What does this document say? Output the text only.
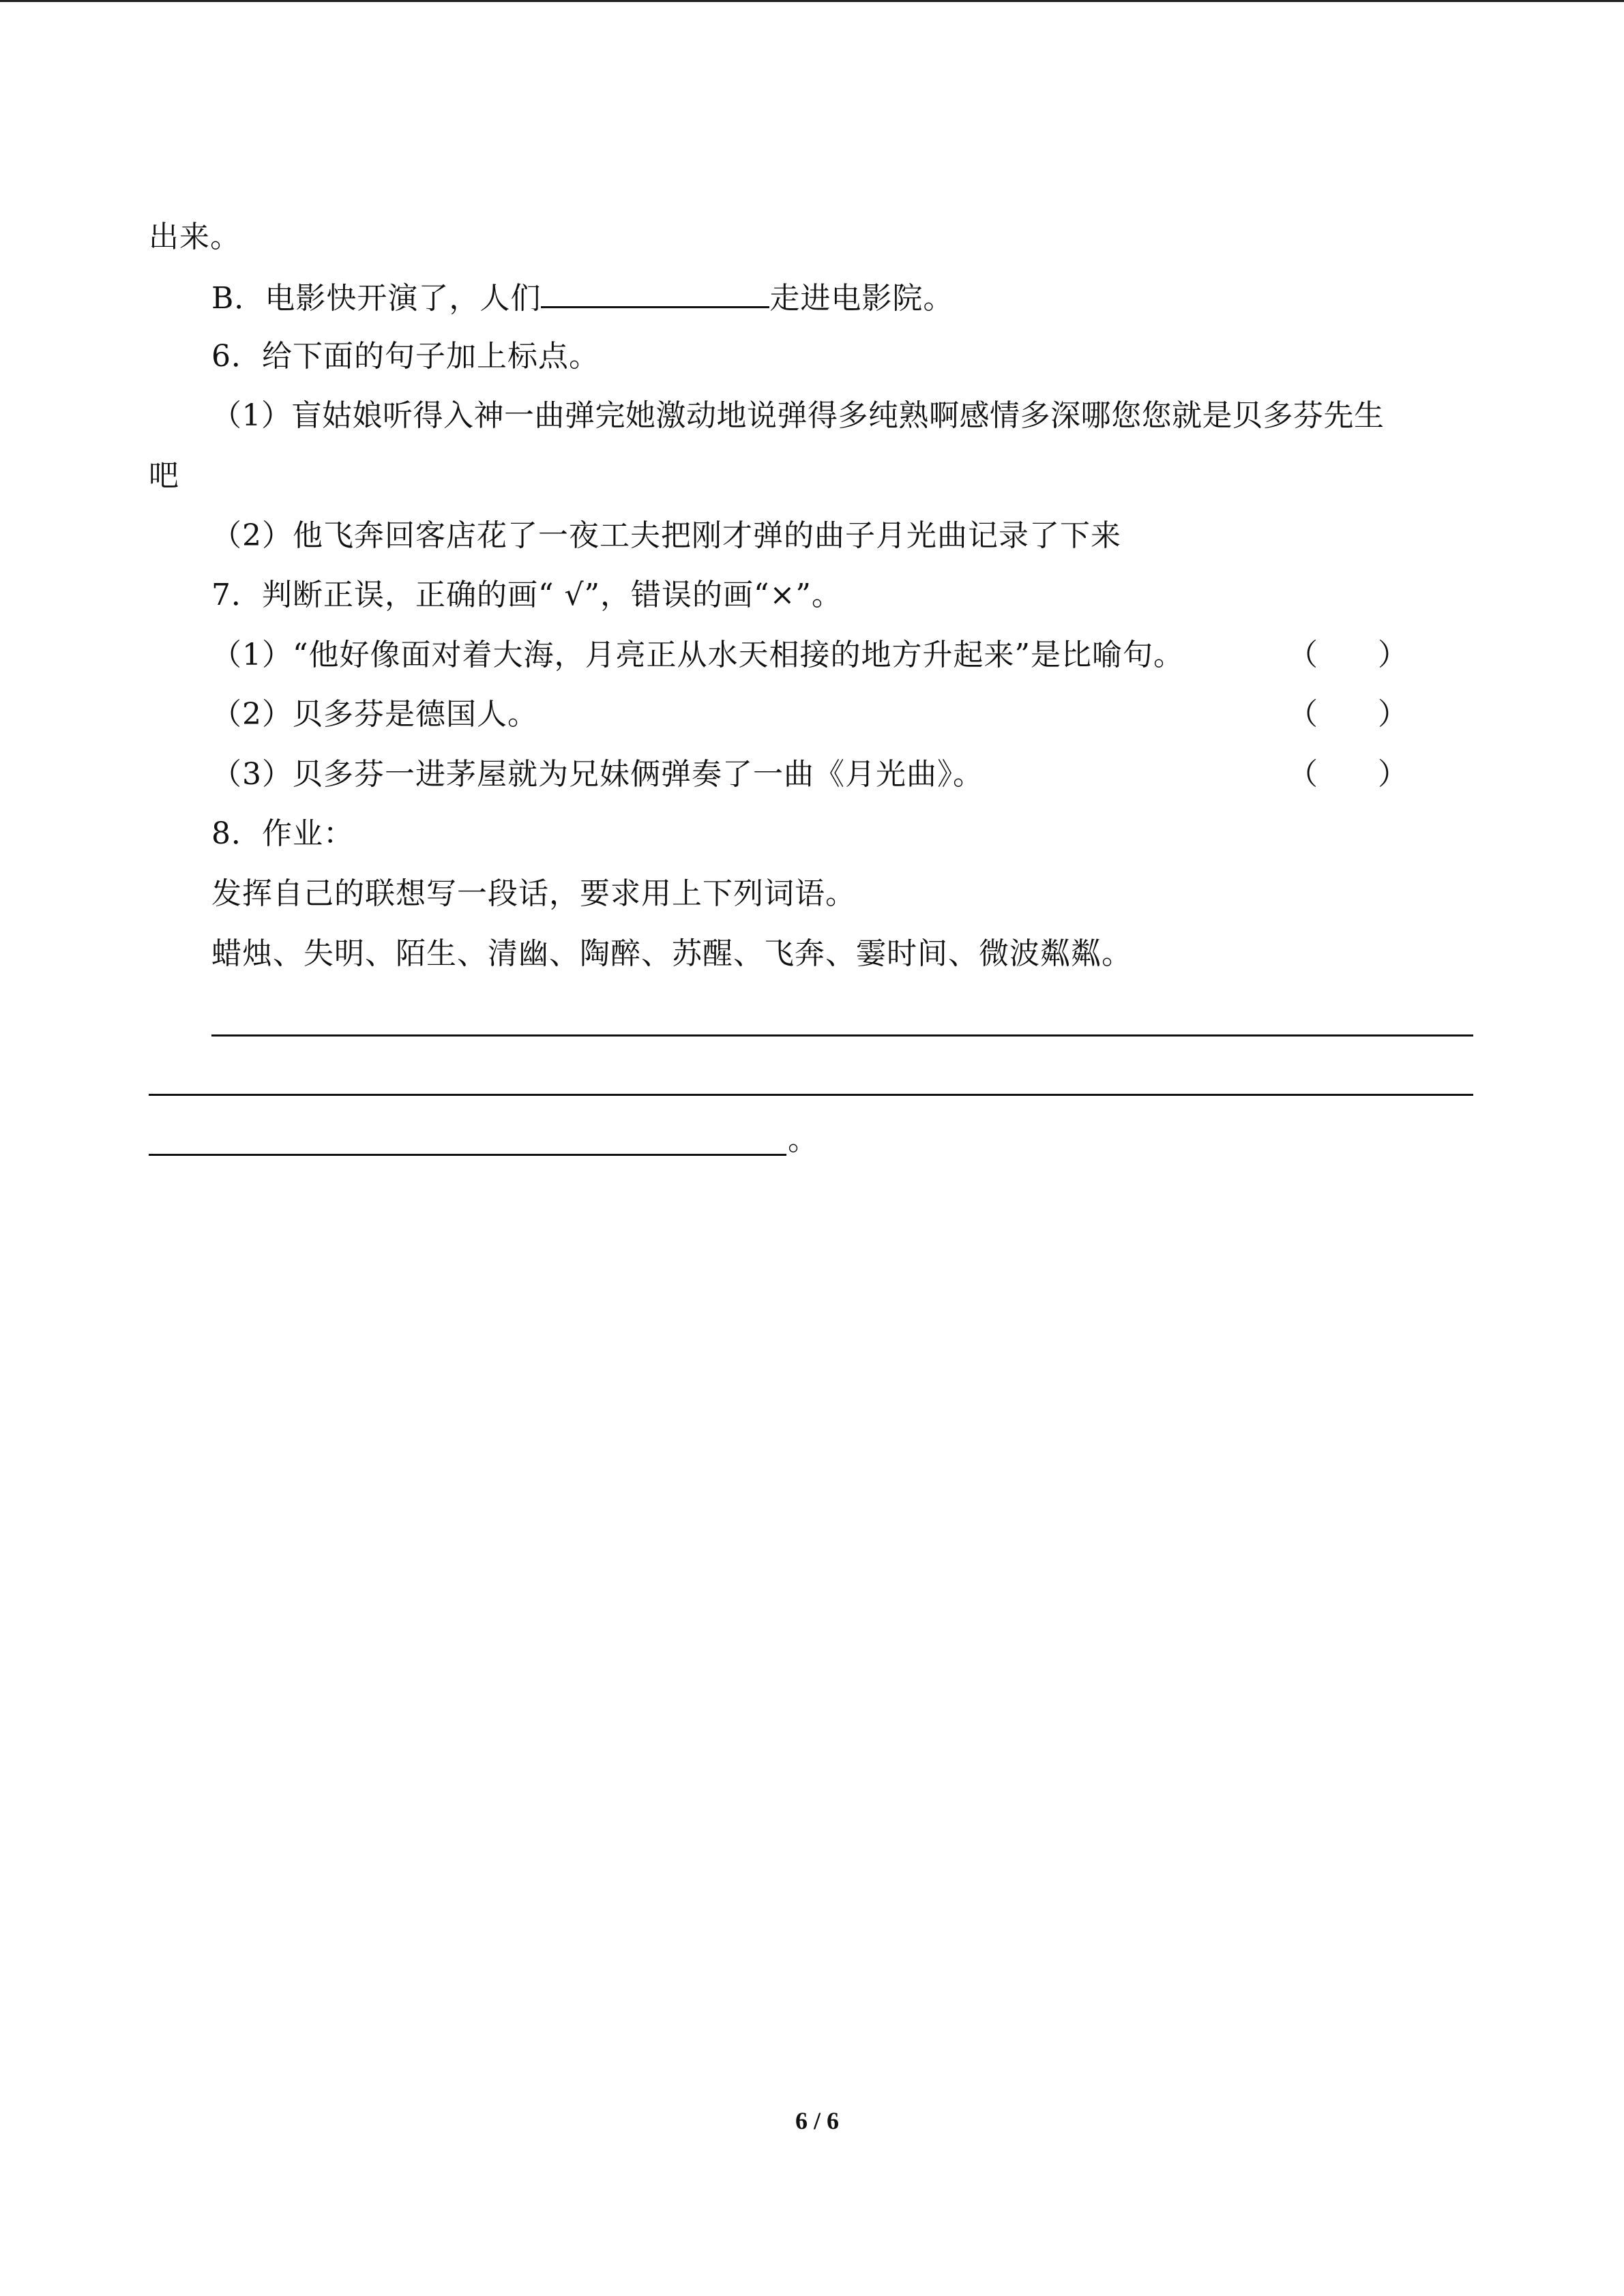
出来。
B．电影快开演了，人们	走进电影院。
6．给下面的句子加上标点。
（1）盲姑娘听得入神一曲弹完她激动地说弹得多纯熟啊感情多深哪您您就是贝多芬先生
吧
（2）他飞奔回客店花了一夜工夫把刚才弹的曲子月光曲记录了下来
7．判断正误，正确的画“ √”，错误的画“×”。
（1）“他好像面对着大海，月亮正从水天相接的地方升起来”是比喻句。	（　　）
（2）贝多芬是德国人。	（　　）
（3）贝多芬一进茅屋就为兄妹俩弹奏了一曲《月光曲》。	（　　）
8．作业：
发挥自己的联想写一段话，要求用上下列词语。
蜡烛、失明、陌生、清幽、陶醉、苏醒、飞奔、霎时间、微波粼粼。
。
6 / 6
